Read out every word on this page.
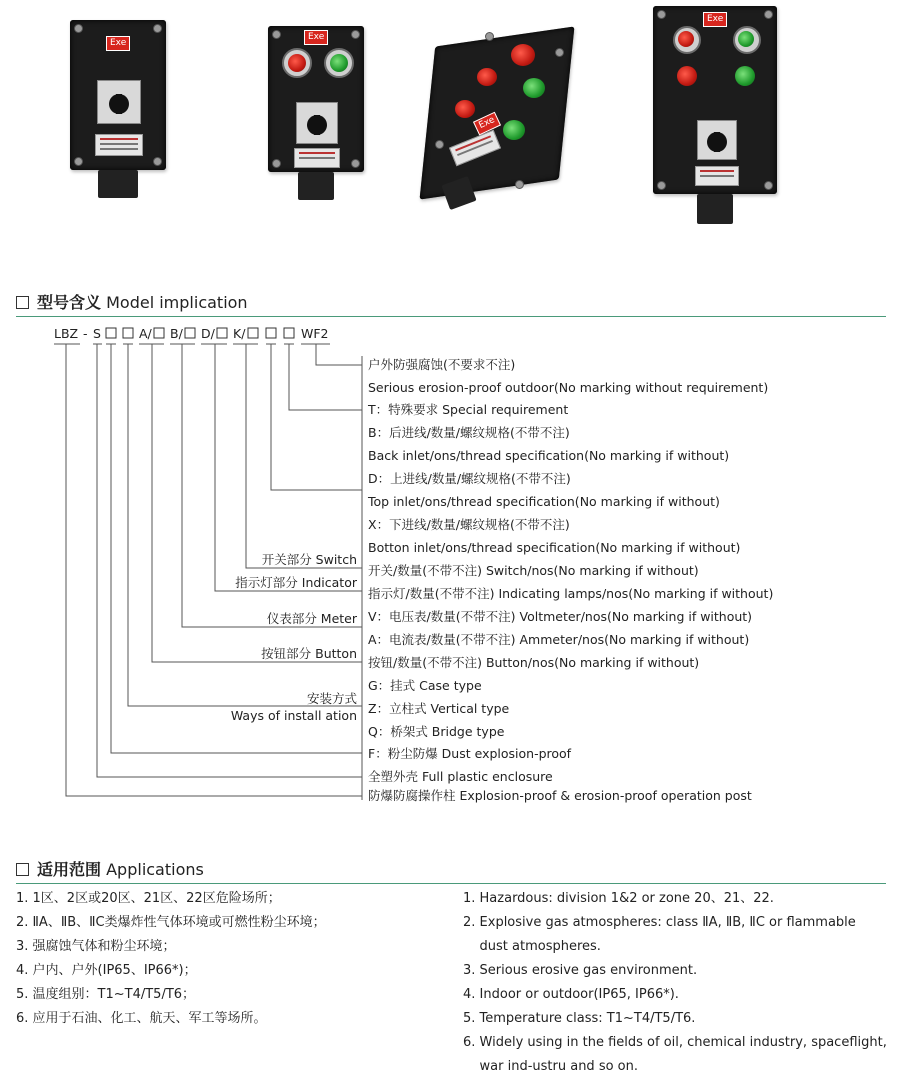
Exe
Exe
Exe
Exe
型号含义 Model implication
LBZ - S	A/ B/ D/ K/	WF2
开关部分 Switch
指示灯部分 Indicator
仪表部分 Meter
按钮部分 Button
安装方式
Ways of install ation
户外防强腐蚀(不要求不注)
Serious erosion-proof outdoor(No marking without requirement)
T：特殊要求 Special requirement
B：后进线/数量/螺纹规格(不带不注)
Back inlet/ons/thread specification(No marking if without)
D：上进线/数量/螺纹规格(不带不注)
Top inlet/ons/thread specification(No marking if without)
X：下进线/数量/螺纹规格(不带不注)
Botton inlet/ons/thread specification(No marking if without)
开关/数量(不带不注) Switch/nos(No marking if without)
指示灯/数量(不带不注) Indicating lamps/nos(No marking if without)
V：电压表/数量(不带不注) Voltmeter/nos(No marking if without)
A：电流表/数量(不带不注) Ammeter/nos(No marking if without)
按钮/数量(不带不注) Button/nos(No marking if without)
G：挂式 Case type
Z：立柱式 Vertical type
Q：桥架式 Bridge type
F：粉尘防爆 Dust explosion-proof
全塑外壳 Full plastic enclosure
防爆防腐操作柱 Explosion-proof & erosion-proof operation post
适用范围 Applications
1. 1区、2区或20区、21区、22区危险场所；
2. ⅡA、ⅡB、ⅡC类爆炸性气体环境或可燃性粉尘环境；
3. 强腐蚀气体和粉尘环境；
4. 户内、户外(IP65、IP66*)；
5. 温度组别：T1~T4/T5/T6；
6. 应用于石油、化工、航天、军工等场所。
1. Hazardous: division 1&2 or zone 20、21、22.
2. Explosive gas atmospheres: class ⅡA, ⅡB, ⅡC or flammable
dust atmospheres.
3. Serious erosive gas environment.
4. Indoor or outdoor(IP65, IP66*).
5. Temperature class: T1~T4/T5/T6.
6. Widely using in the fields of oil, chemical industry, spaceflight,
war ind-ustru and so on.
